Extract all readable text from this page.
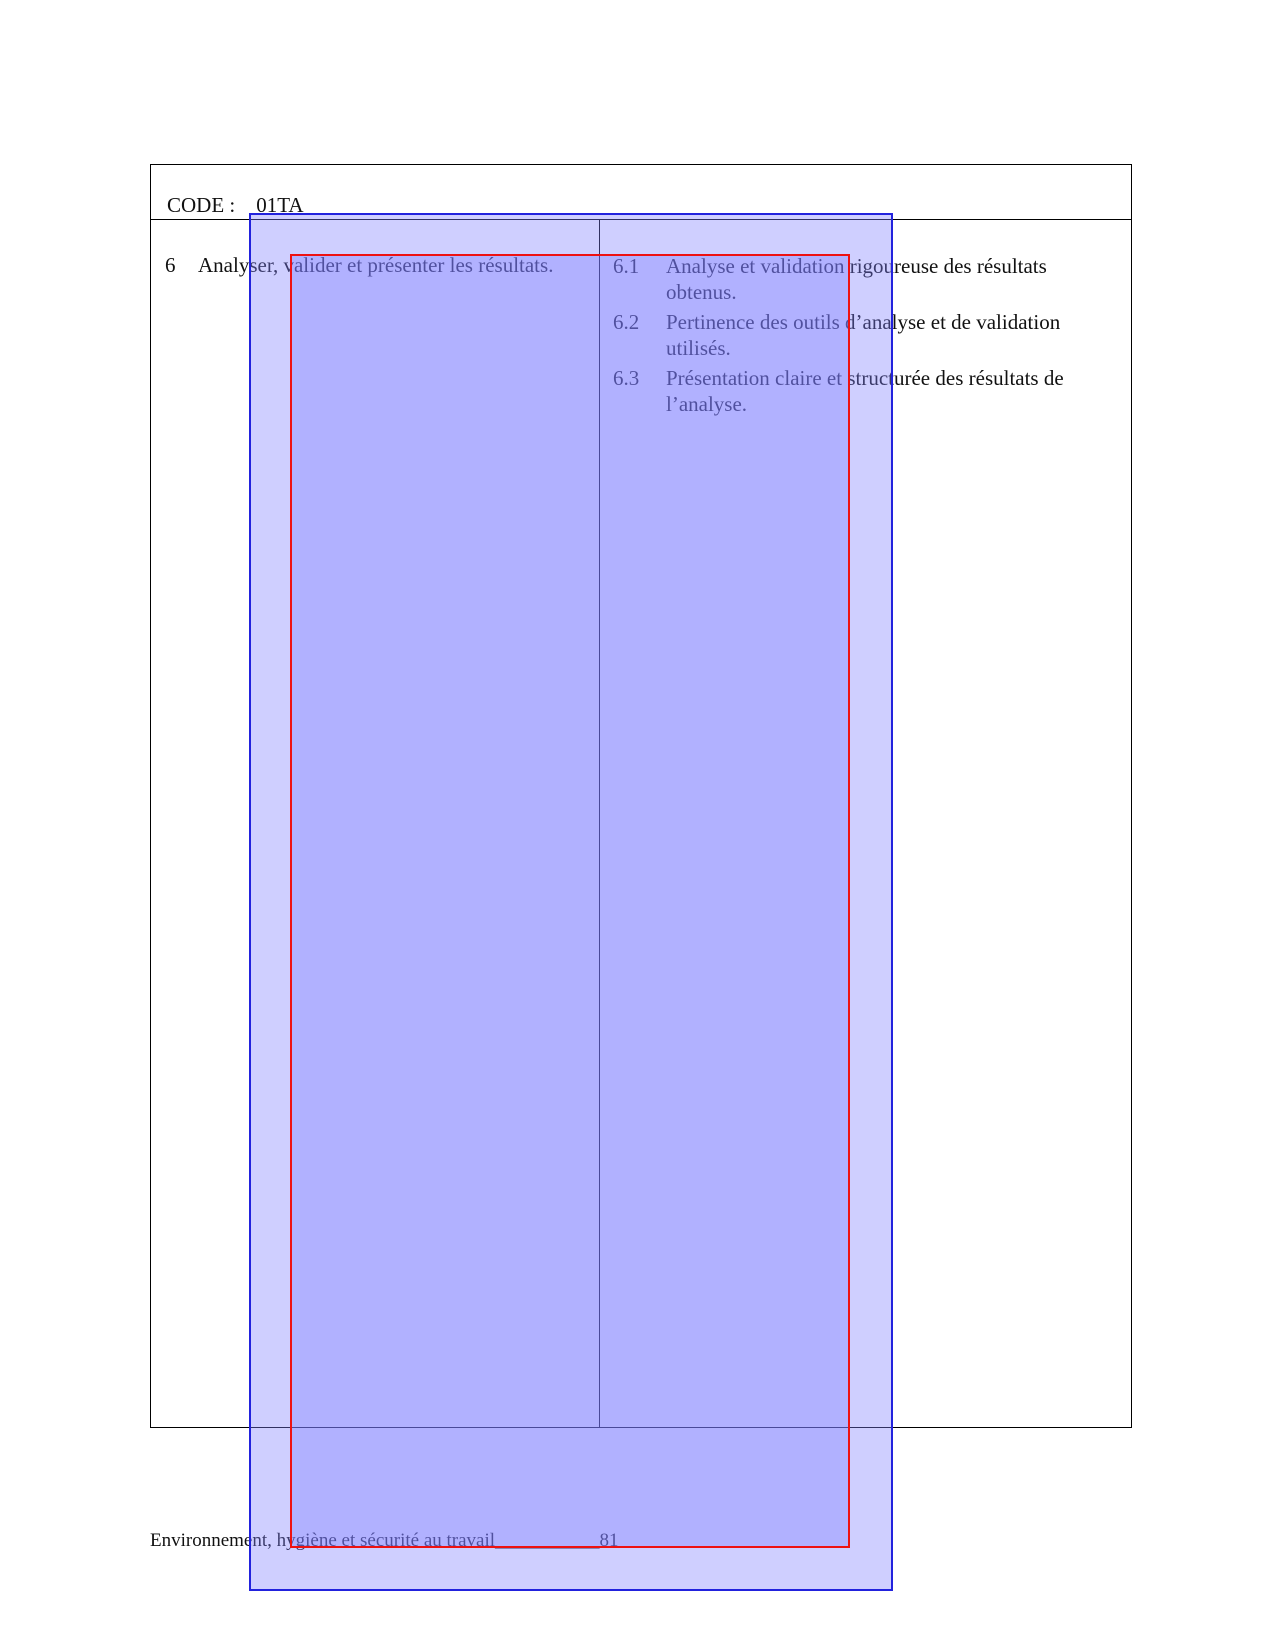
CODE :    01TA
6 Analyser, valider et présenter les résultats.	6.1 Analyse et validation rigoureuse des résultats obtenus.
6.2 Pertinence des outils d’analyse et de validation utilisés.
6.3 Présentation claire et structurée des résultats de l’analyse.
Environnement, hygiène et sécurité au travail___________81
